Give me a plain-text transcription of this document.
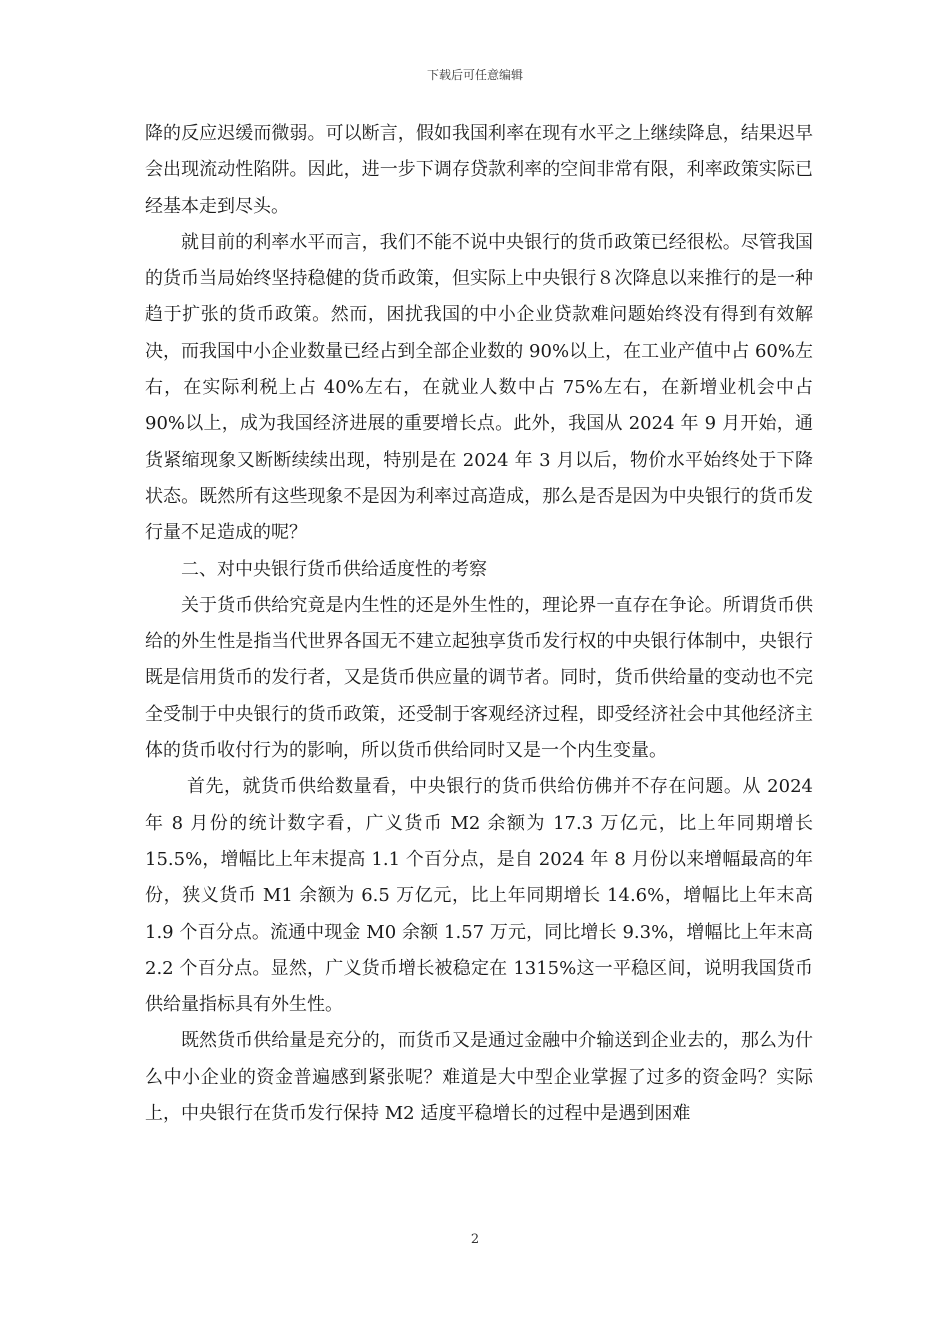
下载后可任意编辑

降的反应迟缓而微弱。可以断言，假如我国利率在现有水平之上继续降息，结果迟早会出现流动性陷阱。因此，进一步下调存贷款利率的空间非常有限，利率政策实际已经基本走到尽头。

就目前的利率水平而言，我们不能不说中央银行的货币政策已经很松。尽管我国的货币当局始终坚持稳健的货币政策，但实际上中央银行８次降息以来推行的是一种趋于扩张的货币政策。然而，困扰我国的中小企业贷款难问题始终没有得到有效解决，而我国中小企业数量已经占到全部企业数的 90%以上，在工业产值中占 60%左右，在实际利税上占 40%左右，在就业人数中占 75%左右，在新增业机会中占 90%以上，成为我国经济进展的重要增长点。此外，我国从 2024 年 9 月开始，通货紧缩现象又断断续续出现，特别是在 2024 年 3 月以后，物价水平始终处于下降状态。既然所有这些现象不是因为利率过高造成，那么是否是因为中央银行的货币发行量不足造成的呢？

二、对中央银行货币供给适度性的考察

关于货币供给究竟是内生性的还是外生性的，理论界一直存在争论。所谓货币供给的外生性是指当代世界各国无不建立起独享货币发行权的中央银行体制中，央银行既是信用货币的发行者，又是货币供应量的调节者。同时，货币供给量的变动也不完全受制于中央银行的货币政策，还受制于客观经济过程，即受经济社会中其他经济主体的货币收付行为的影响，所以货币供给同时又是一个内生变量。

首先，就货币供给数量看，中央银行的货币供给仿佛并不存在问题。从 2024 年 8 月份的统计数字看，广义货币 M2 余额为 17.3 万亿元，比上年同期增长 15.5%，增幅比上年末提高 1.1 个百分点，是自 2024 年 8 月份以来增幅最高的年份，狭义货币 M1 余额为 6.5 万亿元，比上年同期增长 14.6%，增幅比上年末高 1.9 个百分点。流通中现金 M0 余额 1.57 万元，同比增长 9.3%，增幅比上年末高 2.2 个百分点。显然，广义货币增长被稳定在 1315%这一平稳区间，说明我国货币供给量指标具有外生性。

既然货币供给量是充分的，而货币又是通过金融中介输送到企业去的，那么为什么中小企业的资金普遍感到紧张呢？难道是大中型企业掌握了过多的资金吗？实际上，中央银行在货币发行保持 M2 适度平稳增长的过程中是遇到困难

2
